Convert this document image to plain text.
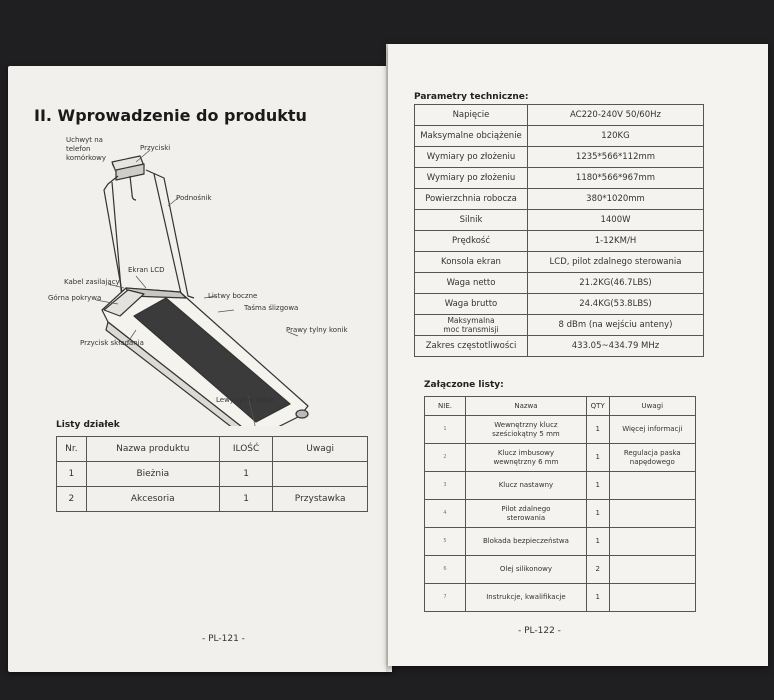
II. Wprowadzenie do produktu
Uchwyt na
telefon
komórkowy
Przyciski
Podnośnik
Kabel zasilający
Ekran LCD
Górna pokrywa	Listwy boczne
Taśma ślizgowa
Prawy tylny konik
Przycisk składania
Lewy tylny konik
Listy działek
Nr.	Nazwa produktu	ILOŚĆ	Uwagi
1	Bieżnia	1	
2	Akcesoria	1	Przystawka
- PL-121 -
Parametry techniczne:
Napięcie	AC220-240V 50/60Hz
Maksymalne obciążenie	120KG
Wymiary po złożeniu	1235*566*112mm
Wymiary po złożeniu	1180*566*967mm
Powierzchnia robocza	380*1020mm
Silnik	1400W
Prędkość	1-12KM/H
Konsola ekran	LCD, pilot zdalnego sterowania
Waga netto	21.2KG(46.7LBS)
Waga brutto	24.4KG(53.8LBS)
Maksymalna
moc transmisji	8 dBm (na wejściu anteny)
Zakres częstotliwości	433.05~434.79 MHz
Załączone listy:
NIE.	Nazwa	QTY	Uwagi
1	Wewnętrzny klucz
sześciokątny 5 mm	1	Więcej informacji
2	Klucz imbusowy
wewnętrzny 6 mm	1	Regulacja paska
napędowego
3	Klucz nastawny	1	
4	Pilot zdalnego
sterowania	1	
5	Blokada bezpieczeństwa	1	
6	Olej silikonowy	2	
7	Instrukcje, kwalifikacje	1	
- PL-122 -
